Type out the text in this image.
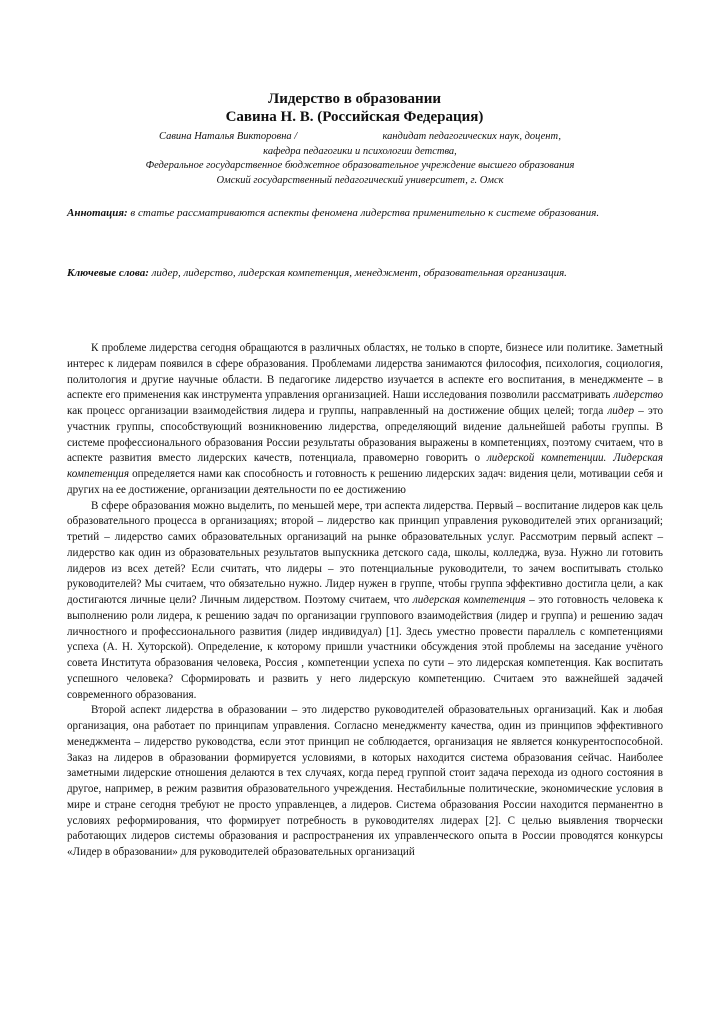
Лидерство в образовании
Савина Н. В. (Российская Федерация)
Савина Наталья Викторовна /	кандидат педагогических наук, доцент,
кафедра педагогики и психологии детства,
Федеральное государственное бюджетное образовательное учреждение высшего образования
Омский государственный педагогический университет, г. Омск
Аннотация: в статье рассматриваются аспекты феномена лидерства применительно к системе образования.
Ключевые слова: лидер, лидерство, лидерская компетенция, менеджмент, образовательная организация.

К проблеме лидерства сегодня обращаются в различных областях, не только в спорте, бизнесе или политике. Заметный интерес к лидерам появился в сфере образования. Проблемами лидерства занимаются философия, психология, социология, политология и другие научные области. В педагогике лидерство изучается в аспекте его воспитания, в менеджменте – в аспекте его применения как инструмента управления организацией. Наши исследования позволили рассматривать лидерство как процесс организации взаимодействия лидера и группы, направленный на достижение общих целей; тогда лидер – это участник группы, способствующий возникновению лидерства, определяющий видение дальнейшей работы группы. В системе профессионального образования России результаты образования выражены в компетенциях, поэтому считаем, что в аспекте развития вместо лидерских качеств, потенциала, правомерно говорить о лидерской компетенции. Лидерская компетенция определяется нами как способность и готовность к решению лидерских задач: видения цели, мотивации себя и других на ее достижение, организации деятельности по ее достижению

В сфере образования можно выделить, по меньшей мере, три аспекта лидерства. Первый – воспитание лидеров как цель образовательного процесса в организациях; второй – лидерство как принцип управления руководителей этих организаций; третий – лидерство самих образовательных организаций на рынке образовательных услуг. Рассмотрим первый аспект – лидерство как один из образовательных результатов выпускника детского сада, школы, колледжа, вуза. Нужно ли готовить лидеров из всех детей? Если считать, что лидеры – это потенциальные руководители, то зачем воспитывать столько руководителей? Мы считаем, что обязательно нужно. Лидер нужен в группе, чтобы группа эффективно достигла цели, а как достигаются личные цели? Личным лидерством. Поэтому считаем, что лидерская компетенция – это готовность человека к выполнению роли лидера, к решению задач по организации группового взаимодействия (лидер и группа) и решению задач личностного и профессионального развития (лидер индивидуал) [1]. Здесь уместно провести параллель с компетенциями успеха (А. Н. Хуторской). Определение, к которому пришли участники обсуждения этой проблемы на заседание учёного совета Института образования человека, Россия , компетенции успеха по сути – это лидерская компетенция. Как воспитать успешного человека? Сформировать и развить у него лидерскую компетенцию. Считаем это важнейшей задачей современного образования.

Второй аспект лидерства в образовании – это лидерство руководителей образовательных организаций. Как и любая организация, она работает по принципам управления. Согласно менеджменту качества, один из принципов эффективного менеджмента – лидерство руководства, если этот принцип не соблюдается, организация не является конкурентоспособной. Заказ на лидеров в образовании формируется условиями, в которых находится система образования сейчас. Наиболее заметными лидерские отношения делаются в тех случаях, когда перед группой стоит задача перехода из одного состояния в другое, например, в режим развития образовательного учреждения. Нестабильные политические, экономические условия в мире и стране сегодня требуют не просто управленцев, а лидеров. Система образования России находится перманентно в условиях реформирования, что формирует потребность в руководителях лидерах [2]. С целью выявления творчески работающих лидеров системы образования и распространения их управленческого опыта в России проводятся конкурсы «Лидер в образовании» для руководителей образовательных организаций
